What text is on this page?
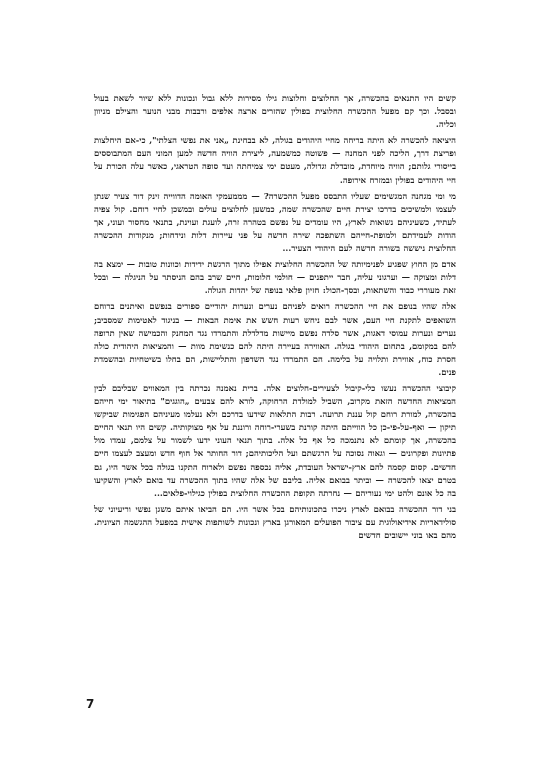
קשים היו התנאים בהכשרה, אך החלוצים וחלוצות גילו מסירות ללא גבול ונכונות ללא שיור לשאת בעול ובסבל. וכך קם מפעל ההכשרה החלוצית בפולין שהזרים ארצה אלפים ורבבות מבני הנוער והצילם מניוון וכליה.

היציאה להכשרה לא היתה בריחה מחיי היהודים בגולה, לא בבחינת „אני את נפשי הצלתי", כי-אם היחלצות ופריצת דרך, הליכה לפני המחנה — פשוטה כמשמעה, ליצירת הוויה חדשה למען המוני העם המתבוססים בייסורי גלותם; הוויה מיוחדת, מובדלת וגדולה, מעטם ימי צמיחתה ועד סופה הטראגי, כאשר עלה הכורת על חיי היהודים בפולין ובמזרח אירופה.

מי ומי מגחנה המגשימים שעליו התבסס מפעל ההכשרה? — מממעמקי האומה הדווייה זינק דור צעיר שנתן לעצמו ולמשיכים בדרכו יצירת חיים שהכשרה שמה, כמשען לחלוצים עולים ובמשכן לחיי רוחם. קול צפיה לעתיד, כשעיניהם נשואות לארץ, היו עומדים על נפשם בטהרה זרה, לועגת ועוינת, בתנאי מחסור ועוני, אך הודות לעמידתם ולמופת-חייהם השתפכה שירה חדשה על פני עיירות דלות ונידחות; מנקודות ההכשרה החלוצית ניששה בשורה חדשה לעם היהודי הצעיר...

אדם מן החוץ שפגיע לפנימיותה של ההכשרה החלוצית אפילו מתוך הרגשת ידידות וכוונות טובות — ימצא בה דלות ומצוקה — וערגוני עליה, חבר ייתפנים — חולמי חלומות, חיים שרב בהם הניסתר על הניגלה — ובכל זאת מעוררי כבוד והשתאות, ובסך-הכול: חזיון פלאי בנופה של יהדות הגולה.

אלה שהיו בנופם את חיי ההכשרה רואים לפניהם נערים ונערות יהודיים ספורים בנפשם ואיתנים ברוחם השואפים לתקנת חיי העם, אשר לבם ניחש רעות חשש את אימת הבאות — בניגוד לאטימות שמסביב; נערים ונערות עמוסי דאגות, אשר סלדה נפשם מיישות מדלדלת והתמרדו נגד המחנק והכמישה שאין תרופה להם במקומם, בתחום היהודי בגולה. האווירה בעיירה היתה להם כנשימת מוות — והמציאות היהודית כולה חסרת כוח, אווירת ותלויה על בלימה. הם התמרדו נגד השדפון והתליישות, הם בחלו בשיטחיות ובהשמדת פנים.

קיבוצי ההכשרה נעשו כלי-קיבול לצעירים-חלוצים אלה. ברית נאמנה נכרתה בין המאווים שבליבם לבין המציאות החדשה הזאת מקרוב, השביל למולדת הרחוקה, לורא להם צבעים „הוגגים" בתיאור ימי חייהם בהכשרה, למורת רוחם קול עננת תרועה. רבות התלאות שידעו בדרכם ולא נעלמו מעיניהם הפגימות שביקשו תיקון — ואף-על-פי-כן כל הווייתם היתה קורנת בשערי-רוחה ורוננת על אף מצוקותיה. קשים היו תנאי החיים בהכשרה, אך קומתם לא נתנמכה כל אף כל אלה. בתוך תנאי העוני ידעו לשמור על צלמם, עמדו מול פתיונות ופקרונים — וגאוה נסוכה על הרגשתם ועל הליכותיהם; דור החותר אל חוף חדש ומעצב לעצמו חיים חדשים. קסום קסמה להם ארץ-ישראל העובדת, אליה נכספה נפשם ולארוח התקנו בגולה בכל אשר היו, גם בטרם יצאו להכשרה — וביתר בבואם אליה. בליבם של אלה שהיו בתוך ההכשרה עד בואם לארץ והשקיעו בה כל אונם ולהט ימי נעוריהם — נחרתה תקופת ההכשרה החלוצית בפולין כגילוי-פלאים...

בני דור ההכשרה בבואם לארץ ניכרו בתכונותיהם בכל אשר היו. הם הביאו איתם משגן נפשי וריעיוני של סולידאריות אידיאולוגית עם ציבור הפועלים המאורגן בארץ ונכונות לשותפות אישית במפעל ההגשמה הציונית. מהם באו בוני יישובים חדשים

7
